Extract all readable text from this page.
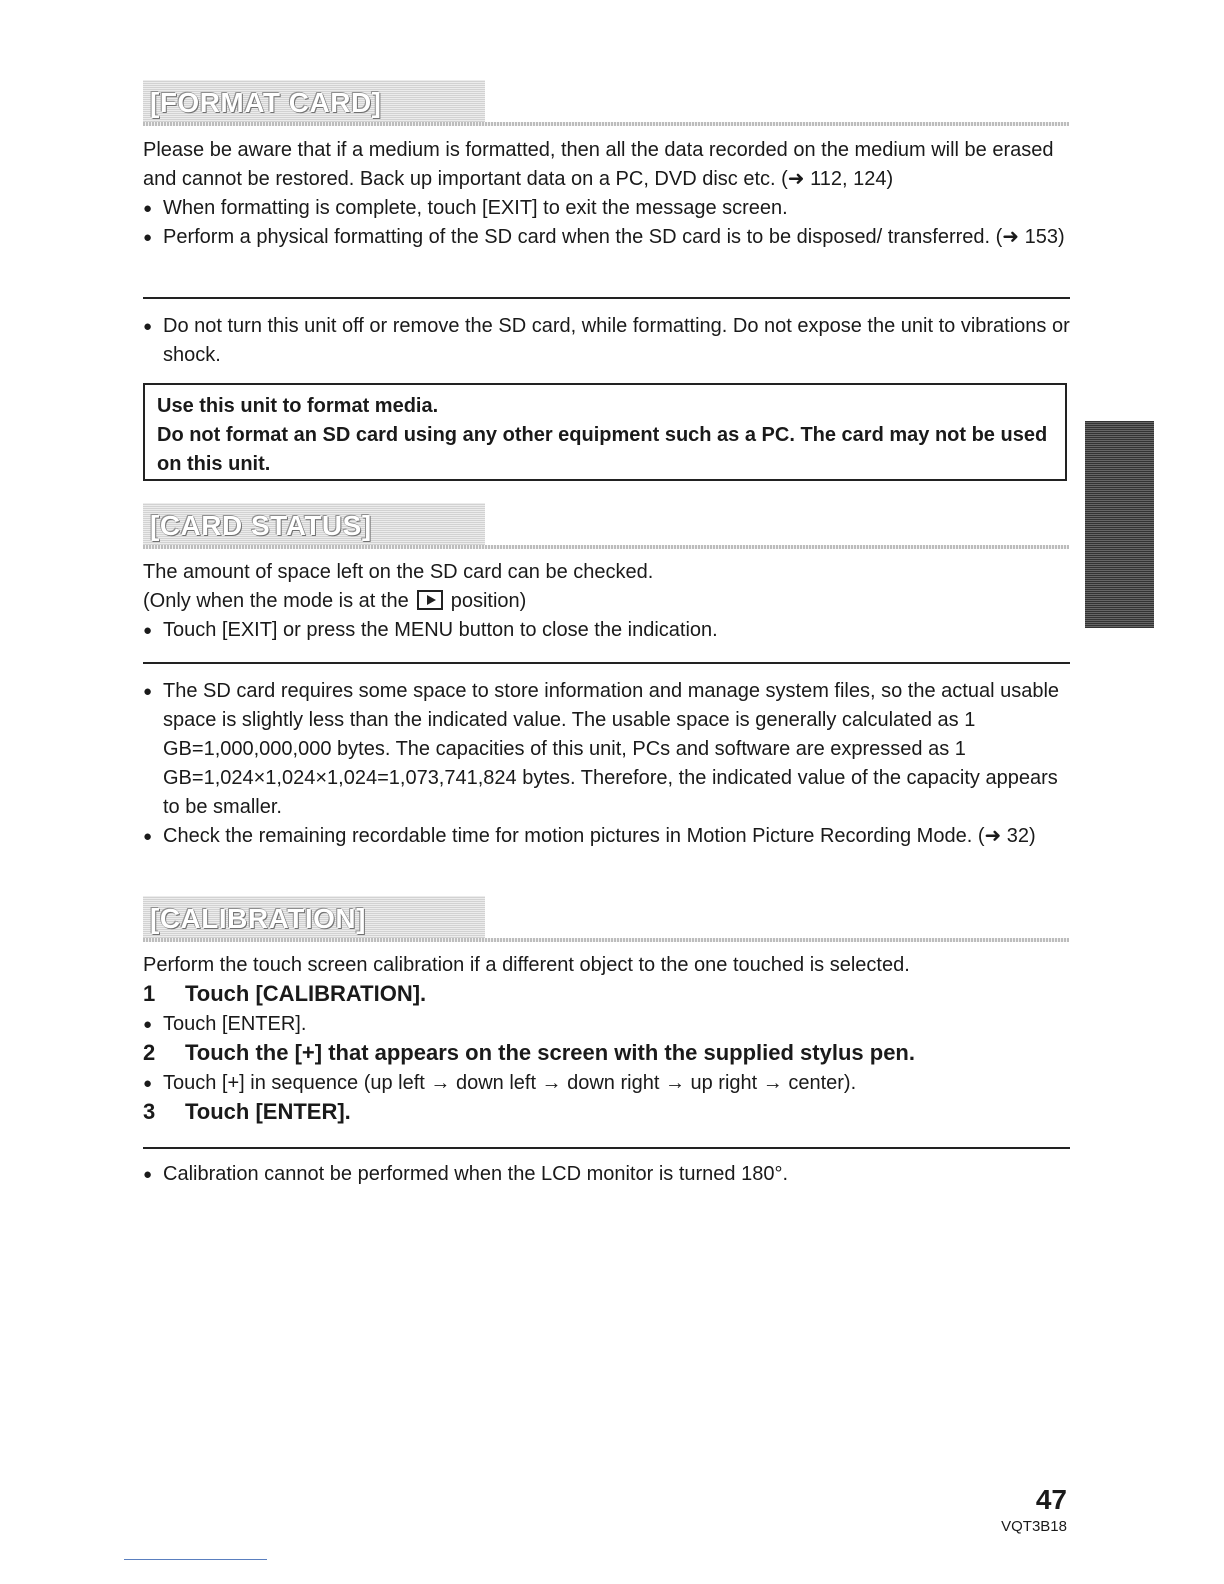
[FORMAT CARD]
Please be aware that if a medium is formatted, then all the data recorded on the medium will be erased and cannot be restored. Back up important data on a PC, DVD disc etc. (➜ 112, 124)
● When formatting is complete, touch [EXIT] to exit the message screen.
● Perform a physical formatting of the SD card when the SD card is to be disposed/ transferred. (➜ 153)
● Do not turn this unit off or remove the SD card, while formatting. Do not expose the unit to vibrations or shock.
Use this unit to format media.
Do not format an SD card using any other equipment such as a PC. The card may not be used on this unit.
[CARD STATUS]
The amount of space left on the SD card can be checked.
(Only when the mode is at the position)
● Touch [EXIT] or press the MENU button to close the indication.
● The SD card requires some space to store information and manage system files, so the actual usable space is slightly less than the indicated value. The usable space is generally calculated as 1 GB=1,000,000,000 bytes. The capacities of this unit, PCs and software are expressed as 1 GB=1,024×1,024×1,024=1,073,741,824 bytes. Therefore, the indicated value of the capacity appears to be smaller.
● Check the remaining recordable time for motion pictures in Motion Picture Recording Mode. (➜ 32)
[CALIBRATION]
Perform the touch screen calibration if a different object to the one touched is selected.
1 Touch [CALIBRATION].
● Touch [ENTER].
2 Touch the [+] that appears on the screen with the supplied stylus pen.
● Touch [+] in sequence (up left → down left → down right → up right → center).
3 Touch [ENTER].
● Calibration cannot be performed when the LCD monitor is turned 180°.
47
VQT3B18
